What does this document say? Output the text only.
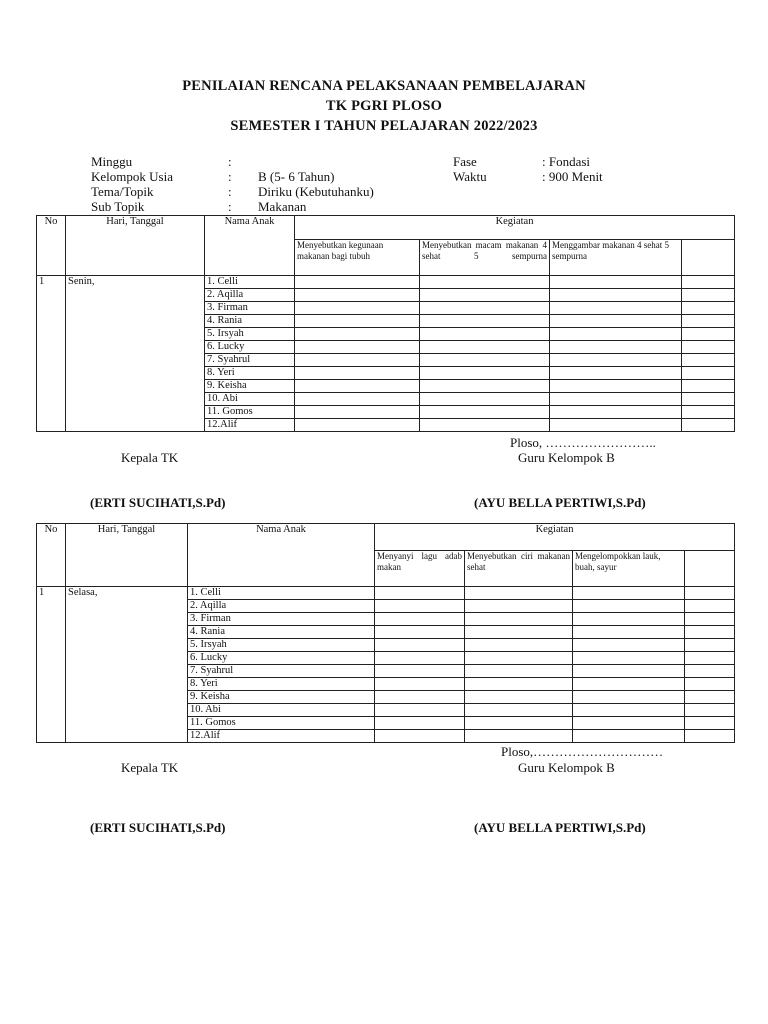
PENILAIAN RENCANA PELAKSANAAN PEMBELAJARAN
TK PGRI PLOSO
SEMESTER I TAHUN PELAJARAN 2022/2023
Minggu	:
Kelompok Usia	: B (5- 6 Tahun)
Tema/Topik	: Diriku (Kebutuhanku)
Sub Topik	: Makanan
Fase	: Fondasi
Waktu	: 900 Menit
No	Hari, Tanggal	Nama Anak	Kegiatan			
			Menyebutkan kegunaan makanan bagi tubuh	Menyebutkan macam makanan 4 sehat 5 sempurna	Menggambar makanan 4 sehat 5 sempurna	
1	Senin,	1. Celli				
		2. Aqilla				
		3. Firman				
		4. Rania				
		5. Irsyah				
		6. Lucky				
		7. Syahrul				
		8. Yeri				
		9. Keisha				
		10. Abi				
		11. Gomos				
		12.Alif				
Ploso, ……………………..
Kepala TK	Guru Kelompok B
(ERTI SUCIHATI,S.Pd)	(AYU BELLA PERTIWI,S.Pd)
No	Hari, Tanggal	Nama Anak	Kegiatan			
			Menyanyi lagu adab makan	Menyebutkan ciri makanan sehat	Mengelompokkan lauk, buah, sayur	
1	Selasa,	1. Celli				
		2. Aqilla				
		3. Firman				
		4. Rania				
		5. Irsyah				
		6. Lucky				
		7. Syahrul				
		8. Yeri				
		9. Keisha				
		10. Abi				
		11. Gomos				
		12.Alif				
Ploso,…………………………
Kepala TK	Guru Kelompok B
(ERTI SUCIHATI,S.Pd)	(AYU BELLA PERTIWI,S.Pd)
